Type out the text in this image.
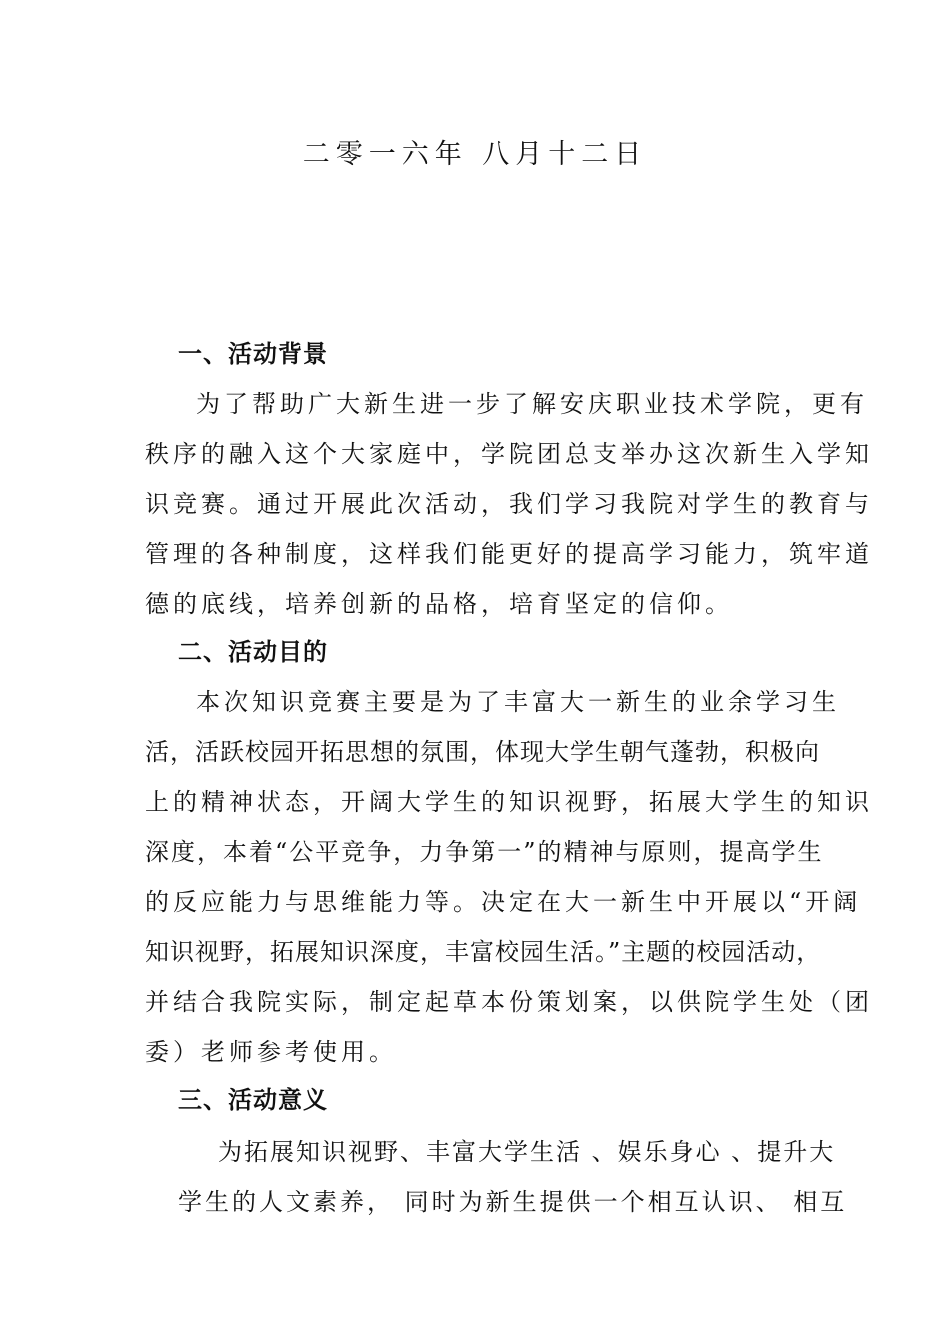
二零一六年 八月十二日
一、活动背景
为了帮助广大新生进一步了解安庆职业技术学院，更有
秩序的融入这个大家庭中，学院团总支举办这次新生入学知
识竞赛。通过开展此次活动，我们学习我院对学生的教育与
管理的各种制度，这样我们能更好的提高学习能力，筑牢道
德的底线，培养创新的品格，培育坚定的信仰。
二、活动目的
本次知识竞赛主要是为了丰富大一新生的业余学习生
活，活跃校园开拓思想的氛围，体现大学生朝气蓬勃，积极向
上的精神状态，开阔大学生的知识视野，拓展大学生的知识
深度，本着“公平竞争，力争第一”的精神与原则，提高学生
的反应能力与思维能力等。决定在大一新生中开展以“开阔
知识视野，拓展知识深度，丰富校园生活。”主题的校园活动，
并结合我院实际，制定起草本份策划案，以供院学生处（团
委）老师参考使用。
三、活动意义
为拓展知识视野、丰富大学生活 、娱乐身心 、提升大
学生的人文素养， 同时为新生提供一个相互认识、 相互
